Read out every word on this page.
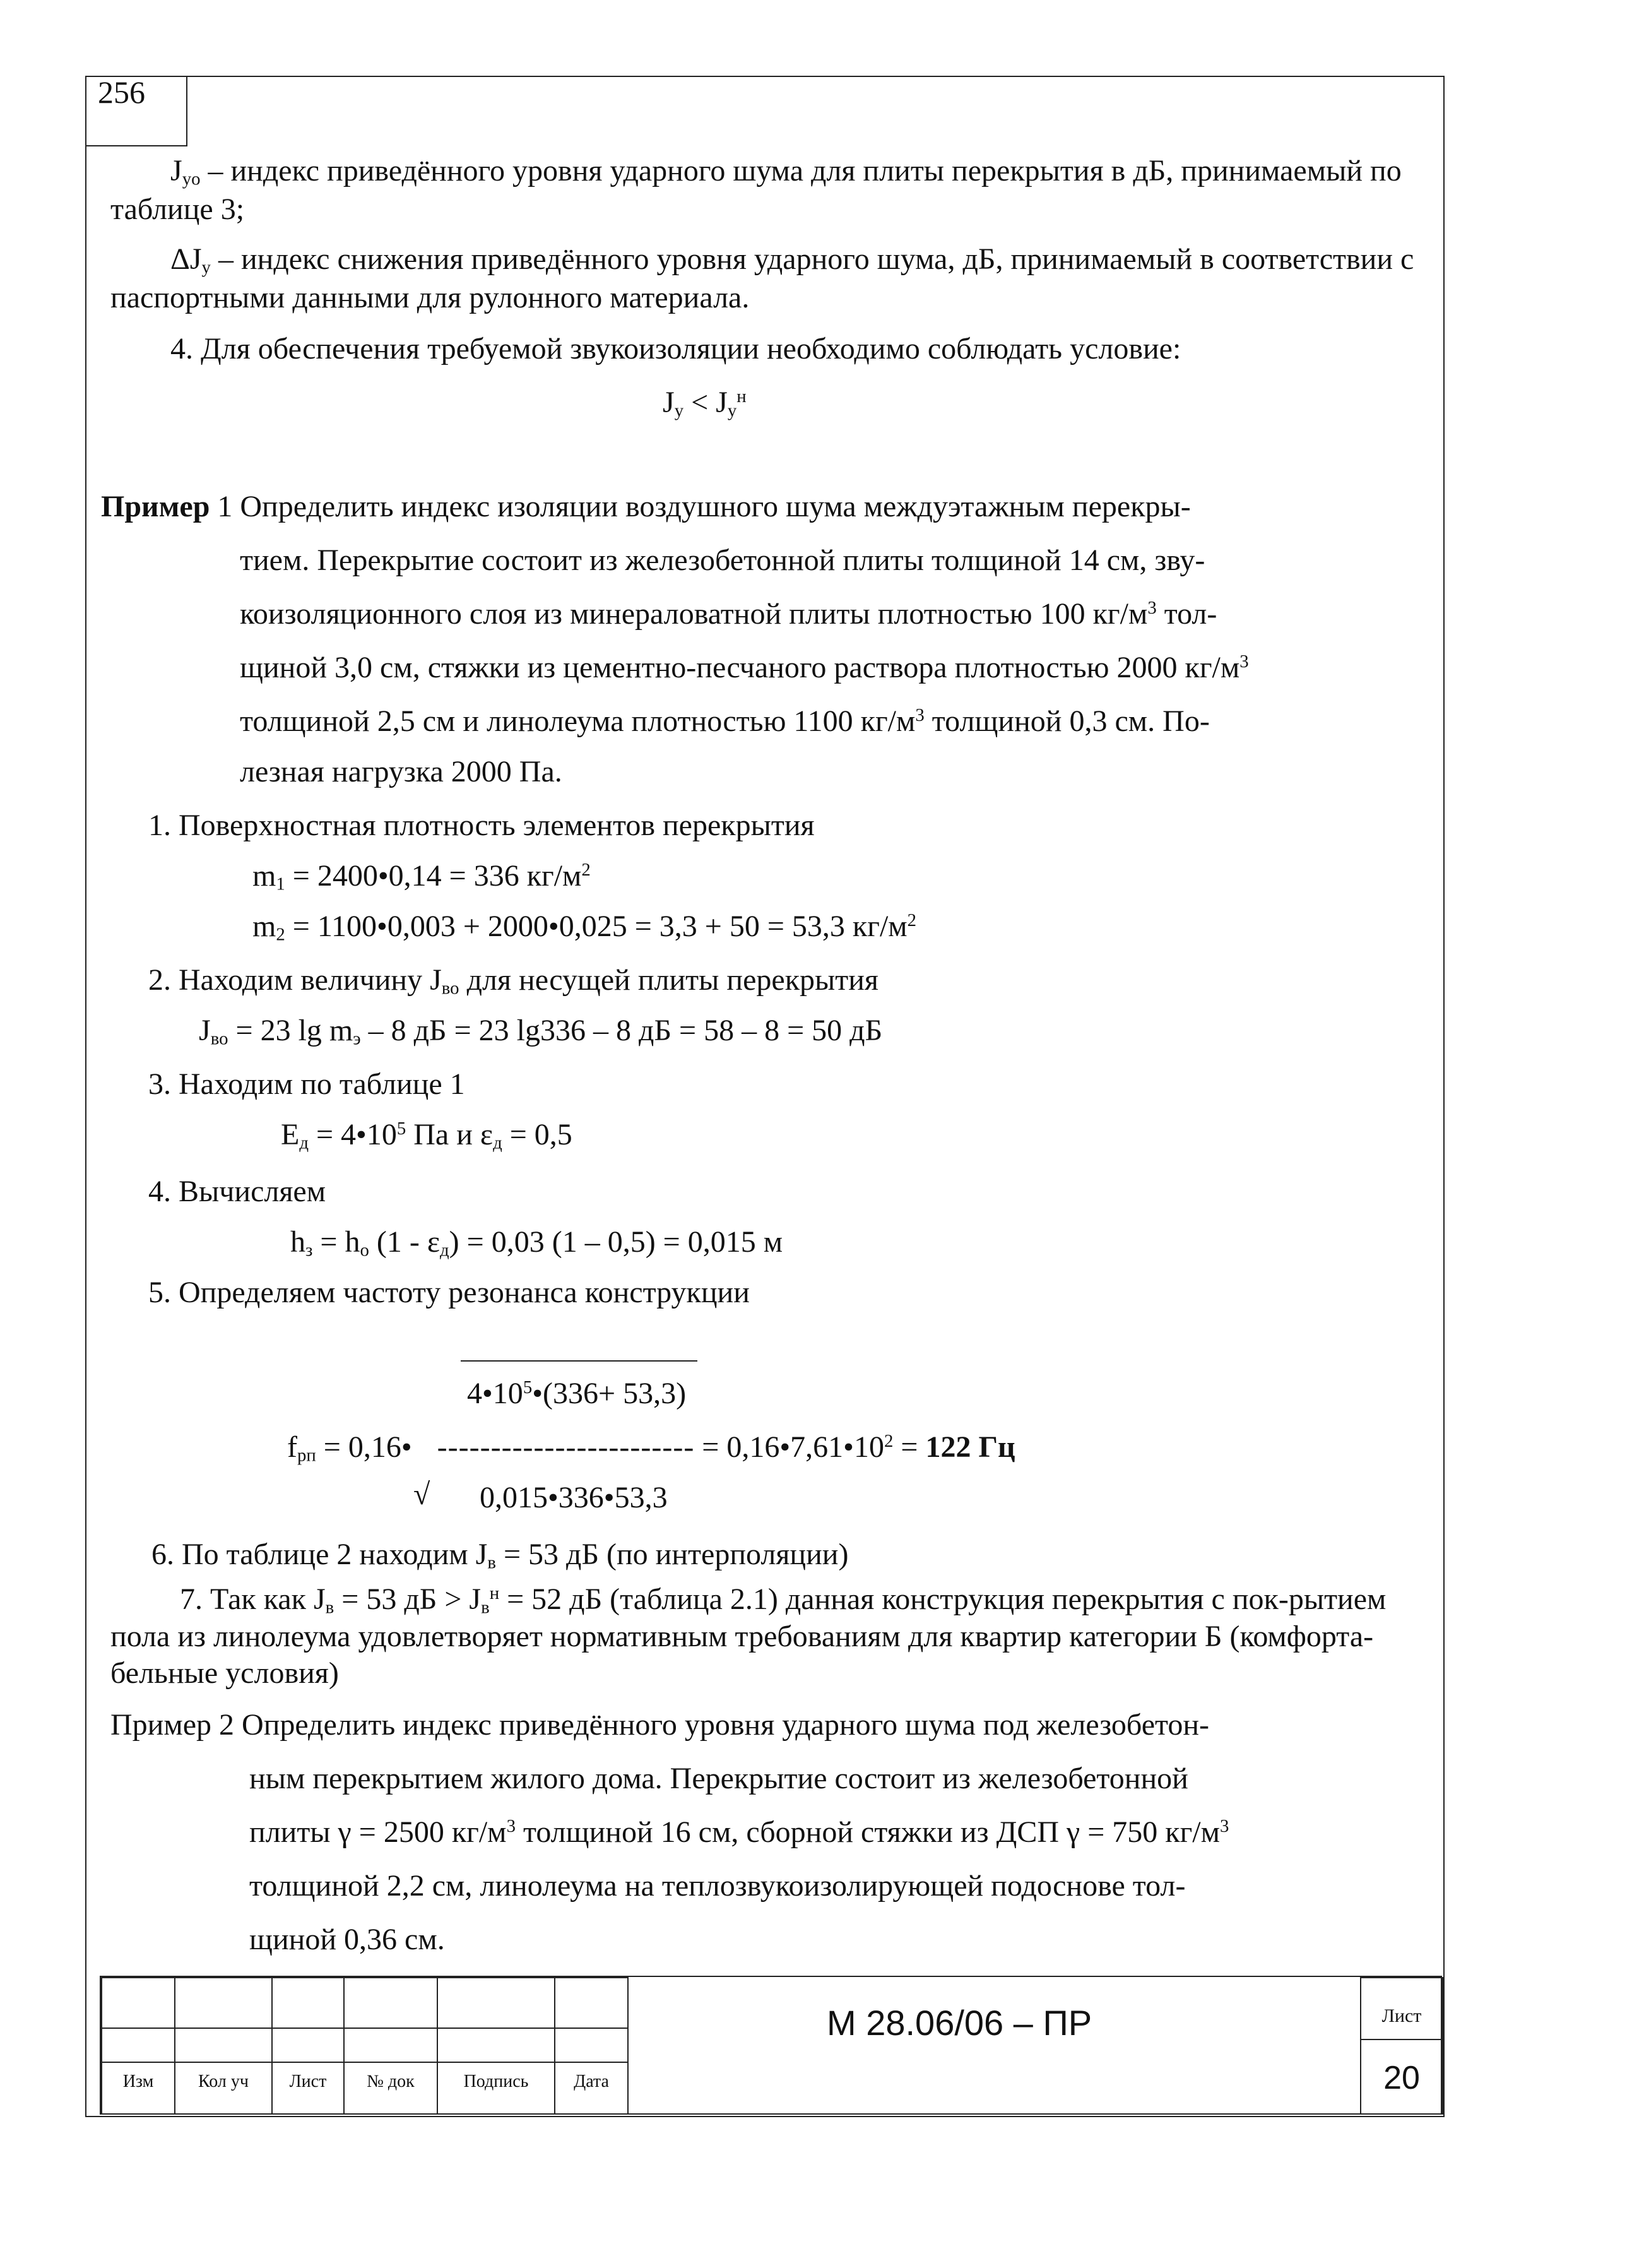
256
$J_{yo}$ – индекс приведённого уровня ударного шума для плиты перекрытия в дБ, принимаемый по таблице 3;
$\Delta J_у$ – индекс снижения приведённого уровня ударного шума, дБ, принимаемый в соответствии с паспортными данными для рулонного материала.
4. Для обеспечения требуемой звукоизоляции необходимо соблюдать условие:
$J_у < J_у^н$
Пример 1 Определить индекс изоляции воздушного шума междуэтажным перекры-
тием. Перекрытие состоит из железобетонной плиты толщиной 14 см, зву-
коизоляционного слоя из минераловатной плиты плотностью 100 $кг/м^3$ тол-
щиной 3,0 см, стяжки из цементно-песчаного раствора плотностью 2000 $кг/м^3$
толщиной 2,5 см и линолеума плотностью 1100 $кг/м^3$ толщиной 0,3 см. По-
лезная нагрузка 2000 Па.
1. Поверхностная плотность элементов перекрытия
$m_1$ = 2400•0,14 = 336 $кг/м^2$
$m_2$ = 1100•0,003 + 2000•0,025 = 3,3 + 50 = 53,3 $кг/м^2$
2. Находим величину $J_{во}$ для несущей плиты перекрытия
$J_{во} = 23$ $\lg m_э - 8$ дБ = 23 lg336 – 8 дБ = 58 – 8 = 50 дБ
3. Находим по таблице 1
$E_д$ = $4•10^5$ Па и $\varepsilon_д = 0,5$
4. Вычисляем
$h_з = h_о$ $(1 - \varepsilon_д) = 0,03$ (1 – 0,5) = 0,015 м
5. Определяем частоту резонанса конструкции
$4•10^5•(336+ 53,3)$
$f_{рп}$ = 0,16• ------------------------ = $0,16•7,61•10^2 = 122$ Гц
√ 0,015•336•53,3
6. По таблице 2 находим $J_в = 53$ дБ (по интерполяции)
7. Так как $J_в = 53$ дБ > $J_в^н = 52$ дБ (таблица 2.1) данная конструкция перекрытия с пок-рытием пола из линолеума удовлетворяет нормативным требованиям для квартир категории Б (комфорта-бельные условия)
Пример 2 Определить индекс приведённого уровня ударного шума под железобетон-
ным перекрытием жилого дома. Перекрытие состоит из железобетонной
плиты γ = 2500 $кг/м^3$ толщиной 16 см, сборной стяжки из ДСП γ = 750 $кг/м^3$
толщиной 2,2 см, линолеума на теплозвукоизолирующей подоснове тол-
щиной 0,36 см.
Изм	Кол уч	Лист	№ док	Подпись	Дата
М 28.06/06 – ПР	Лист
20
